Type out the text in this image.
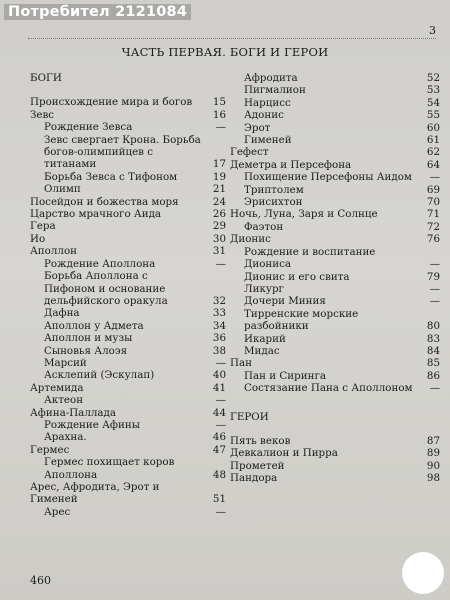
Потребител 2121084
3
ЧАСТЬ ПЕРВАЯ. БОГИ И ГЕРОИ
БОГИ
Происхождение мира и богов 15
Зевс	16
Рождение Зевса	—
Зевс свергает Крона. Борьба богов-олимпийцев с титанами	17
Борьба Зевса с Тифоном	19
Олимп	21
Посейдон и божества моря	24
Царство мрачного Аида	26
Гера	29
Ио	30
Аполлон	31
Рождение Аполлона	—
Борьба Аполлона с Пифоном и основание дельфийского оракула	32
Дафна	33
Аполлон у Адмета	34
Аполлон и музы	36
Сыновья Алоэя	38
Марсий	—
Асклепий (Эскулап)	40
Артемида	41
Актеон	—
Афина-Паллада	44
Рождение Афины	—
Арахна.	46
Гермес	47
Гермес похищает коров Аполлона	48
Арес, Афродита, Эрот и Гименей	51
Арес	—
Афродита	52
Пигмалион	53
Нарцисс	54
Адонис	55
Эрот	60
Гименей	61
Гефест	62
Деметра и Персефона	64
Похищение Персефоны Аидом —
Триптолем	69
Эрисихтон	70
Ночь, Луна, Заря и Солнце	71
Фаэтон	72
Дионис	76
Рождение и воспитание Диониса	—
Дионис и его свита	79
Ликург	—
Дочери Миния	—
Тирренские морские разбойники	80
Икарий	83
Мидас	84
Пан	85
Пан и Сиринга	86
Состязание Пана с Аполлоном —
ГЕРОИ
Пять веков	87
Девкалион и Пирра	89
Прометей	90
Пандора	98
460
